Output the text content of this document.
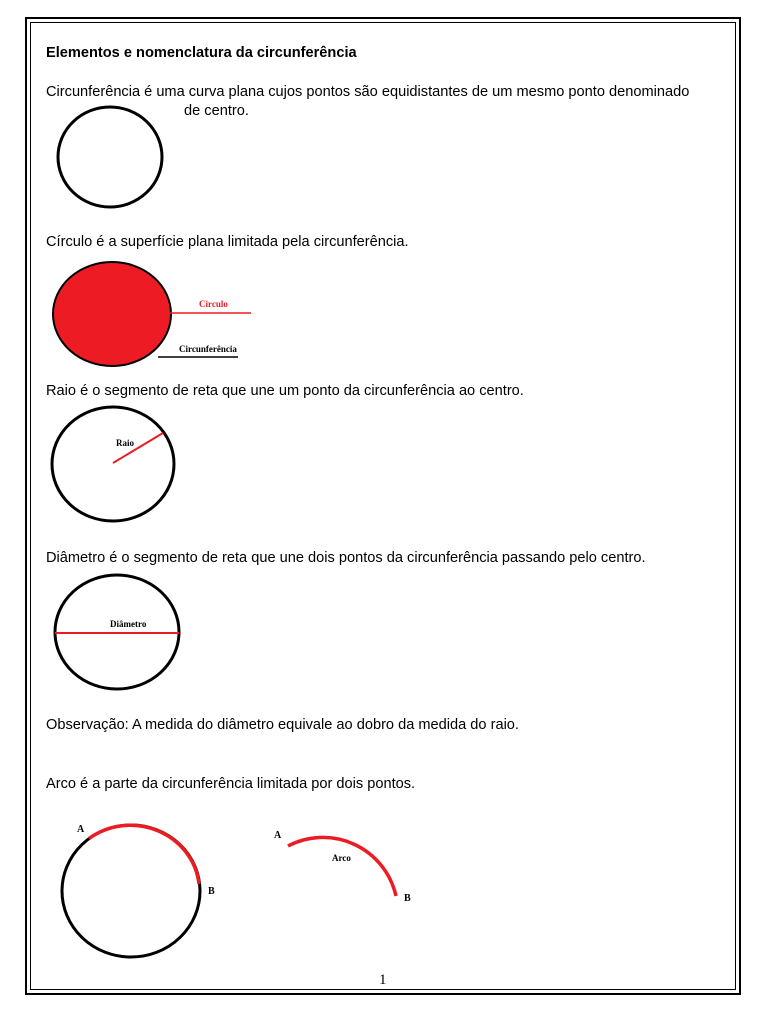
Elementos e nomenclatura da circunferência
Circunferência é uma curva plana cujos pontos são equidistantes de um mesmo ponto denominado
de centro.
Círculo é a superfície plana limitada pela circunferência.
Circulo
Circunferência
Raio é o segmento de reta que une um ponto da circunferência ao centro.
Raio
Diâmetro é o segmento de reta que une dois pontos da circunferência passando pelo centro.
Diâmetro
Observação: A medida do diâmetro equivale ao dobro da medida do raio.
Arco é a parte da circunferência limitada por dois pontos.
A
B
A
B
Arco
1
